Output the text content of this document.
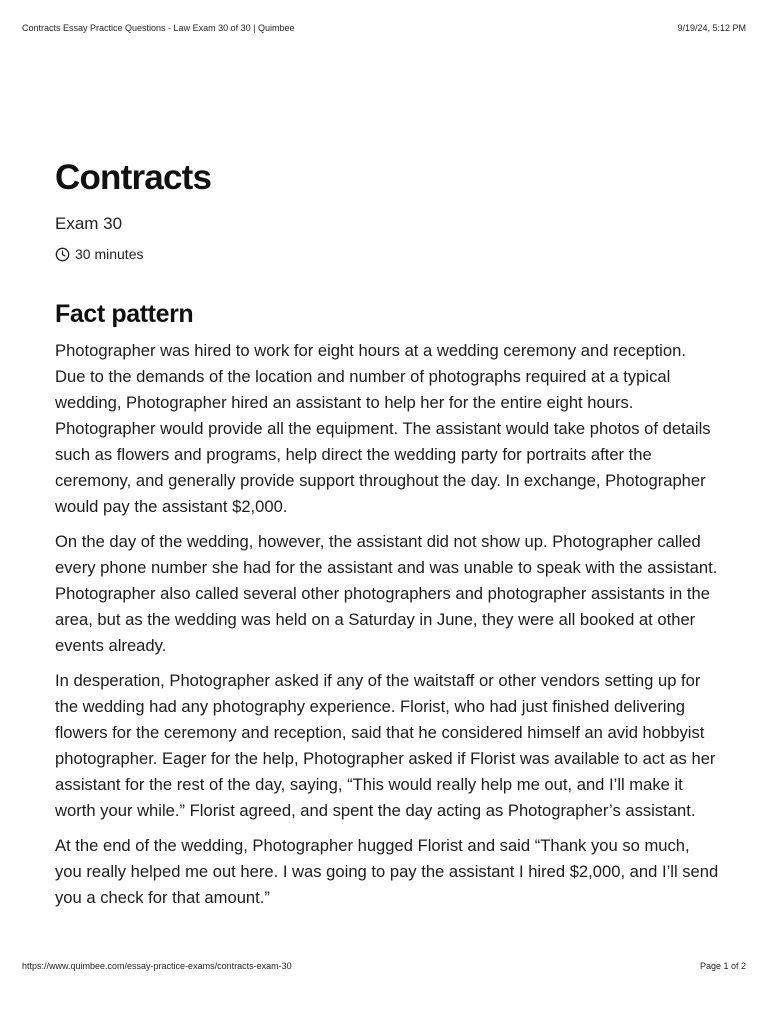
Contracts Essay Practice Questions - Law Exam 30 of 30 | Quimbee	9/19/24, 5:12 PM
Contracts

Exam 30

30 minutes
Fact pattern

Photographer was hired to work for eight hours at a wedding ceremony and reception. Due to the demands of the location and number of photographs required at a typical wedding, Photographer hired an assistant to help her for the entire eight hours. Photographer would provide all the equipment. The assistant would take photos of details such as flowers and programs, help direct the wedding party for portraits after the ceremony, and generally provide support throughout the day. In exchange, Photographer would pay the assistant $2,000.

On the day of the wedding, however, the assistant did not show up. Photographer called every phone number she had for the assistant and was unable to speak with the assistant. Photographer also called several other photographers and photographer assistants in the area, but as the wedding was held on a Saturday in June, they were all booked at other events already.

In desperation, Photographer asked if any of the waitstaff or other vendors setting up for the wedding had any photography experience. Florist, who had just finished delivering flowers for the ceremony and reception, said that he considered himself an avid hobbyist photographer. Eager for the help, Photographer asked if Florist was available to act as her assistant for the rest of the day, saying, “This would really help me out, and I’ll make it worth your while.” Florist agreed, and spent the day acting as Photographer’s assistant.

At the end of the wedding, Photographer hugged Florist and said “Thank you so much, you really helped me out here. I was going to pay the assistant I hired $2,000, and I’ll send you a check for that amount.”

https://www.quimbee.com/essay-practice-exams/contracts-exam-30	Page 1 of 2
